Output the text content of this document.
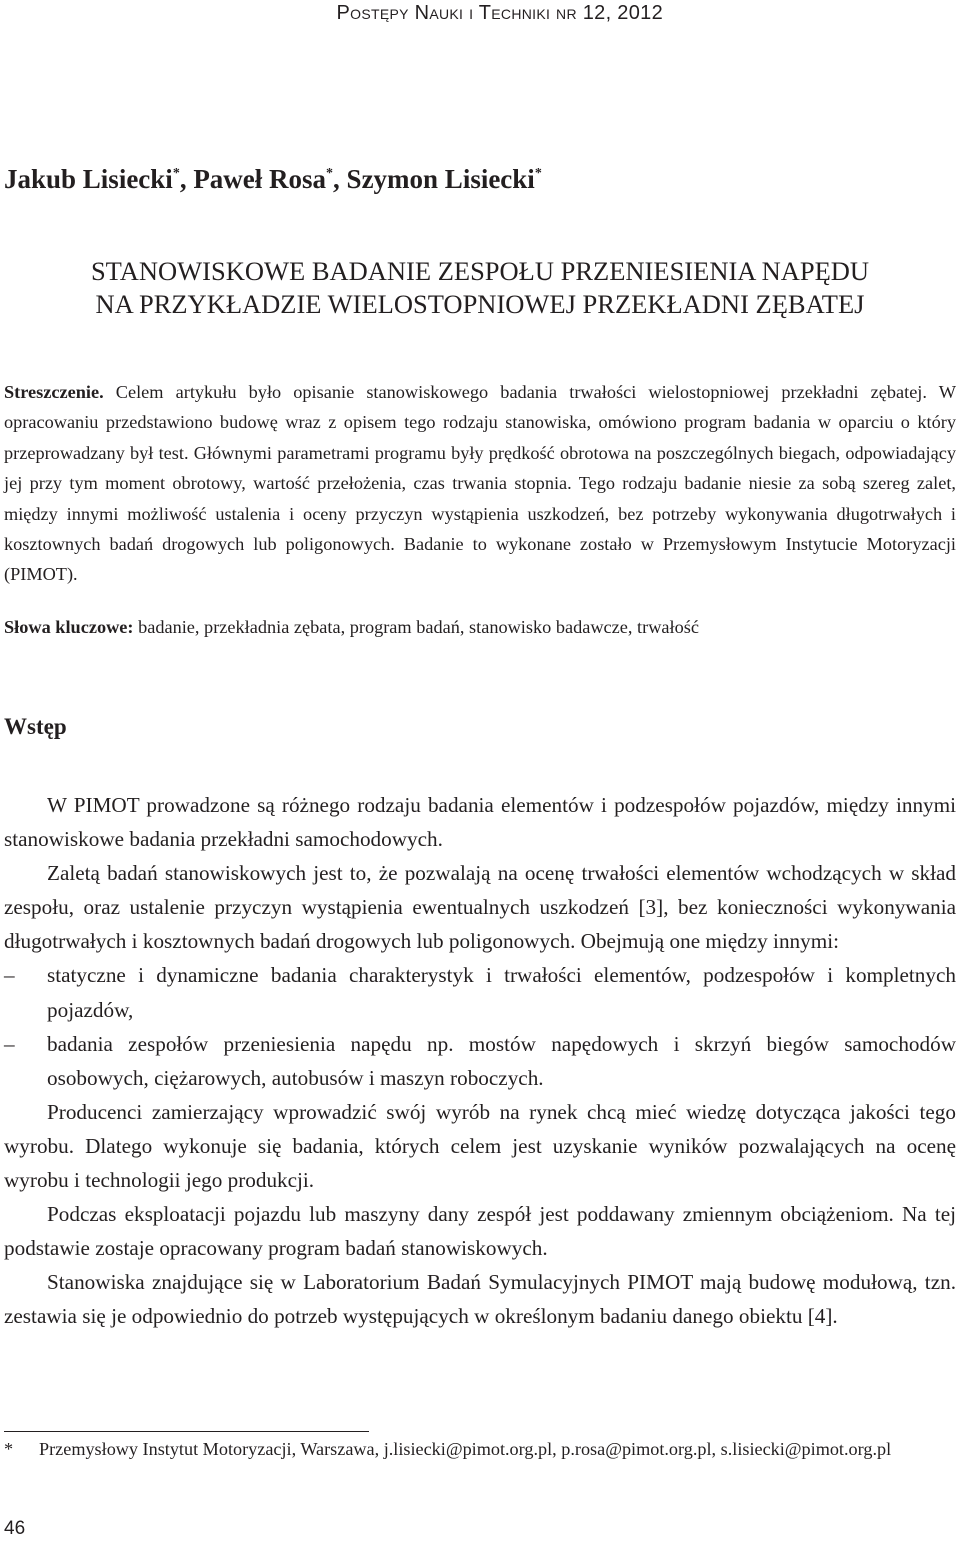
Postępy Nauki i Techniki nr 12, 2012
Jakub Lisiecki*, Paweł Rosa*, Szymon Lisiecki*
STANOWISKOWE BADANIE ZESPOŁU PRZENIESIENIA NAPĘDU
NA PRZYKŁADZIE WIELOSTOPNIOWEJ PRZEKŁADNI ZĘBATEJ
Streszczenie. Celem artykułu było opisanie stanowiskowego badania trwałości wielostopniowej przekładni zębatej. W opracowaniu przedstawiono budowę wraz z opisem tego rodzaju stanowiska, omówiono program badania w oparciu o który przeprowadzany był test. Głównymi parametrami programu były prędkość obrotowa na poszczególnych biegach, odpowiadający jej przy tym moment obrotowy, wartość przełożenia, czas trwania stopnia. Tego rodzaju badanie niesie za sobą szereg zalet, między innymi możliwość ustalenia i oceny przyczyn wystąpienia uszkodzeń, bez potrzeby wykonywania długotrwałych i kosztownych badań drogowych lub poligonowych. Badanie to wykonane zostało w Przemysłowym Instytucie Motoryzacji (PIMOT).
Słowa kluczowe: badanie, przekładnia zębata, program badań, stanowisko badawcze, trwałość
Wstęp

W PIMOT prowadzone są różnego rodzaju badania elementów i podzespołów pojazdów, między innymi stanowiskowe badania przekładni samochodowych.

Zaletą badań stanowiskowych jest to, że pozwalają na ocenę trwałości elementów wchodzących w skład zespołu, oraz ustalenie przyczyn wystąpienia ewentualnych uszkodzeń [3], bez konieczności wykonywania długotrwałych i kosztownych badań drogowych lub poligonowych. Obejmują one między innymi:

– statyczne i dynamiczne badania charakterystyk i trwałości elementów, podzespołów i kompletnych pojazdów,
– badania zespołów przeniesienia napędu np. mostów napędowych i skrzyń biegów samochodów osobowych, ciężarowych, autobusów i maszyn roboczych.

Producenci zamierzający wprowadzić swój wyrób na rynek chcą mieć wiedzę dotycząca jakości tego wyrobu. Dlatego wykonuje się badania, których celem jest uzyskanie wyników pozwalających na ocenę wyrobu i technologii jego produkcji.

Podczas eksploatacji pojazdu lub maszyny dany zespół jest poddawany zmiennym obciążeniom. Na tej podstawie zostaje opracowany program badań stanowiskowych.

Stanowiska znajdujące się w Laboratorium Badań Symulacyjnych PIMOT mają budowę modułową, tzn. zestawia się je odpowiednio do potrzeb występujących w określonym badaniu danego obiektu [4].

* Przemysłowy Instytut Motoryzacji, Warszawa, j.lisiecki@pimot.org.pl, p.rosa@pimot.org.pl, s.lisiecki@pimot.org.pl
46
